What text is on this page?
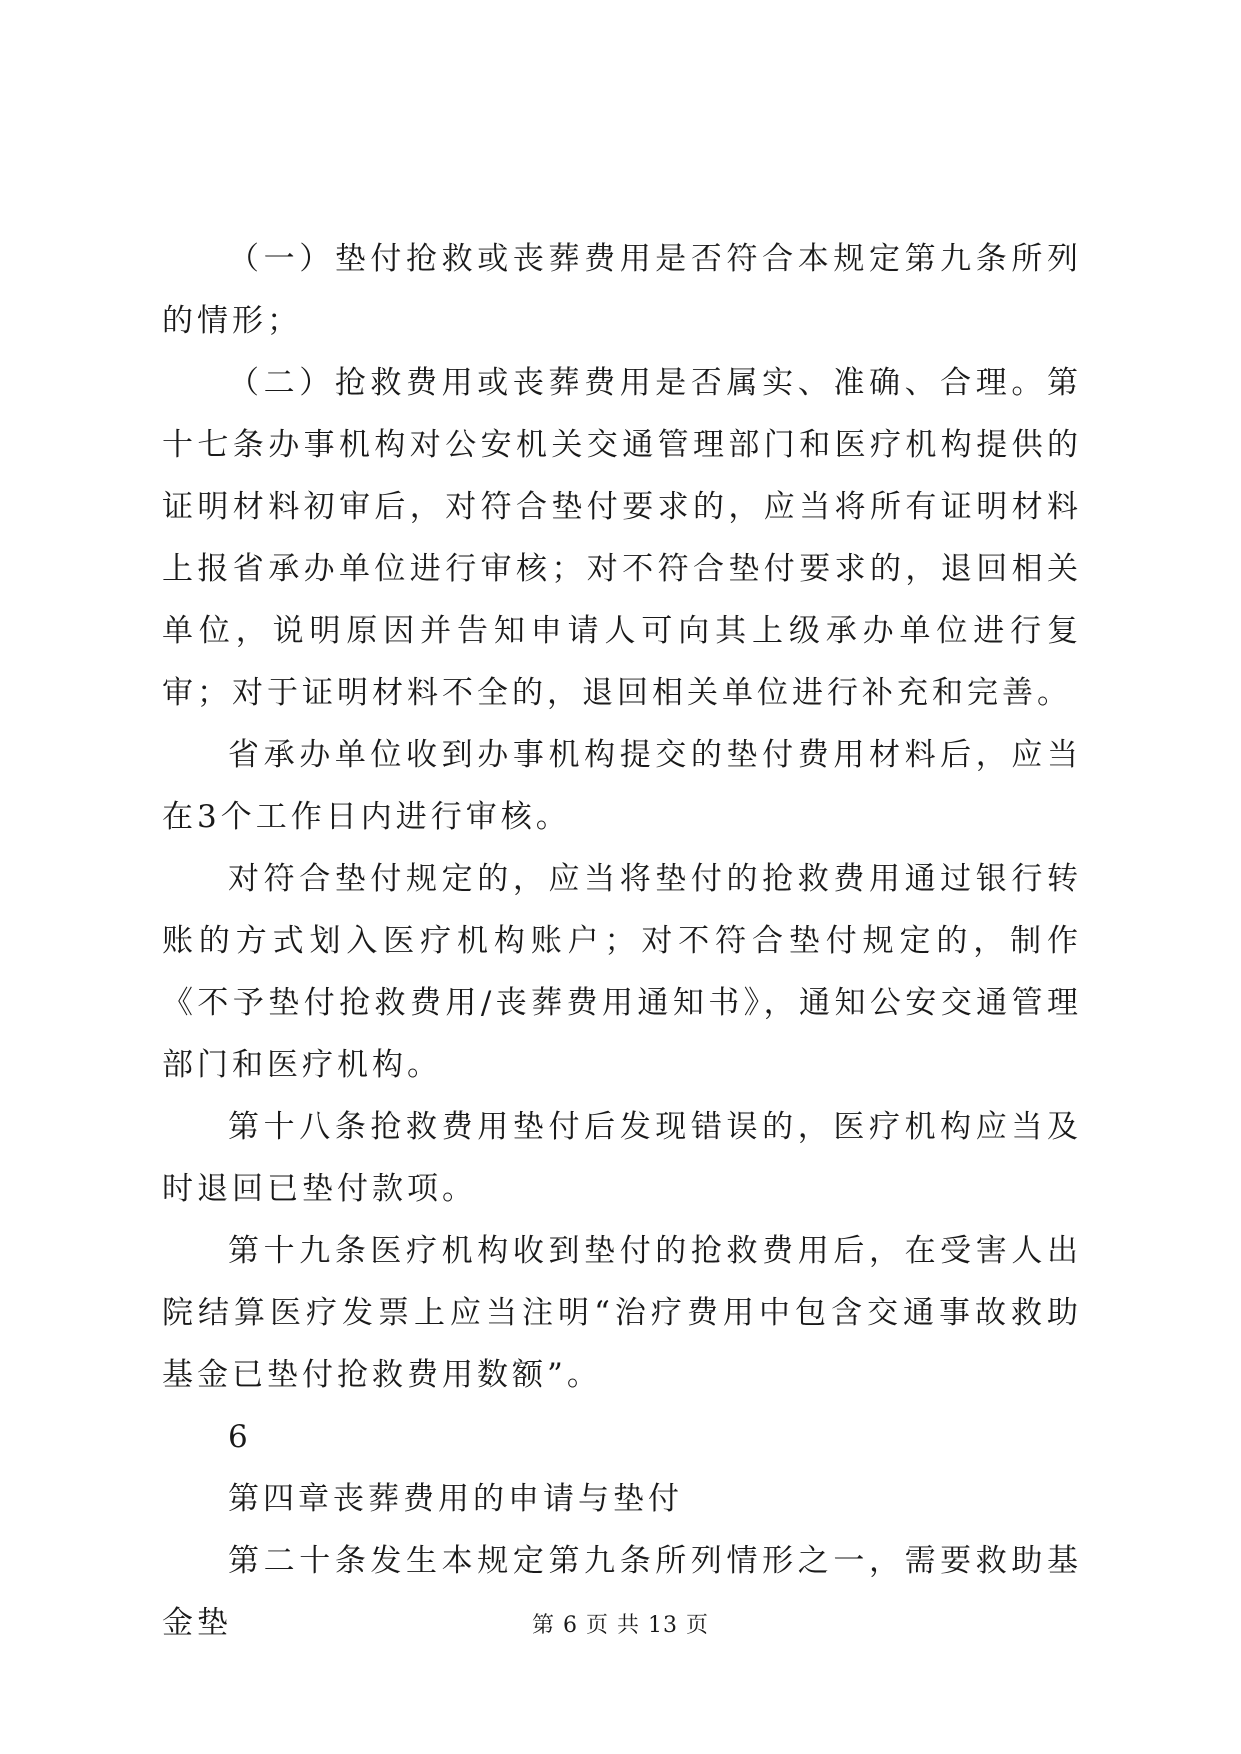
（一）垫付抢救或丧葬费用是否符合本规定第九条所列的情形；

（二）抢救费用或丧葬费用是否属实、准确、合理。第十七条办事机构对公安机关交通管理部门和医疗机构提供的证明材料初审后，对符合垫付要求的，应当将所有证明材料上报省承办单位进行审核；对不符合垫付要求的，退回相关单位，说明原因并告知申请人可向其上级承办单位进行复审；对于证明材料不全的，退回相关单位进行补充和完善。

省承办单位收到办事机构提交的垫付费用材料后，应当在3个工作日内进行审核。

对符合垫付规定的，应当将垫付的抢救费用通过银行转账的方式划入医疗机构账户；对不符合垫付规定的，制作《不予垫付抢救费用/丧葬费用通知书》，通知公安交通管理部门和医疗机构。

第十八条抢救费用垫付后发现错误的，医疗机构应当及时退回已垫付款项。

第十九条医疗机构收到垫付的抢救费用后，在受害人出院结算医疗发票上应当注明“治疗费用中包含交通事故救助基金已垫付抢救费用数额”。

6

第四章丧葬费用的申请与垫付

第二十条发生本规定第九条所列情形之一，需要救助基金垫	第 6 页 共 13 页
